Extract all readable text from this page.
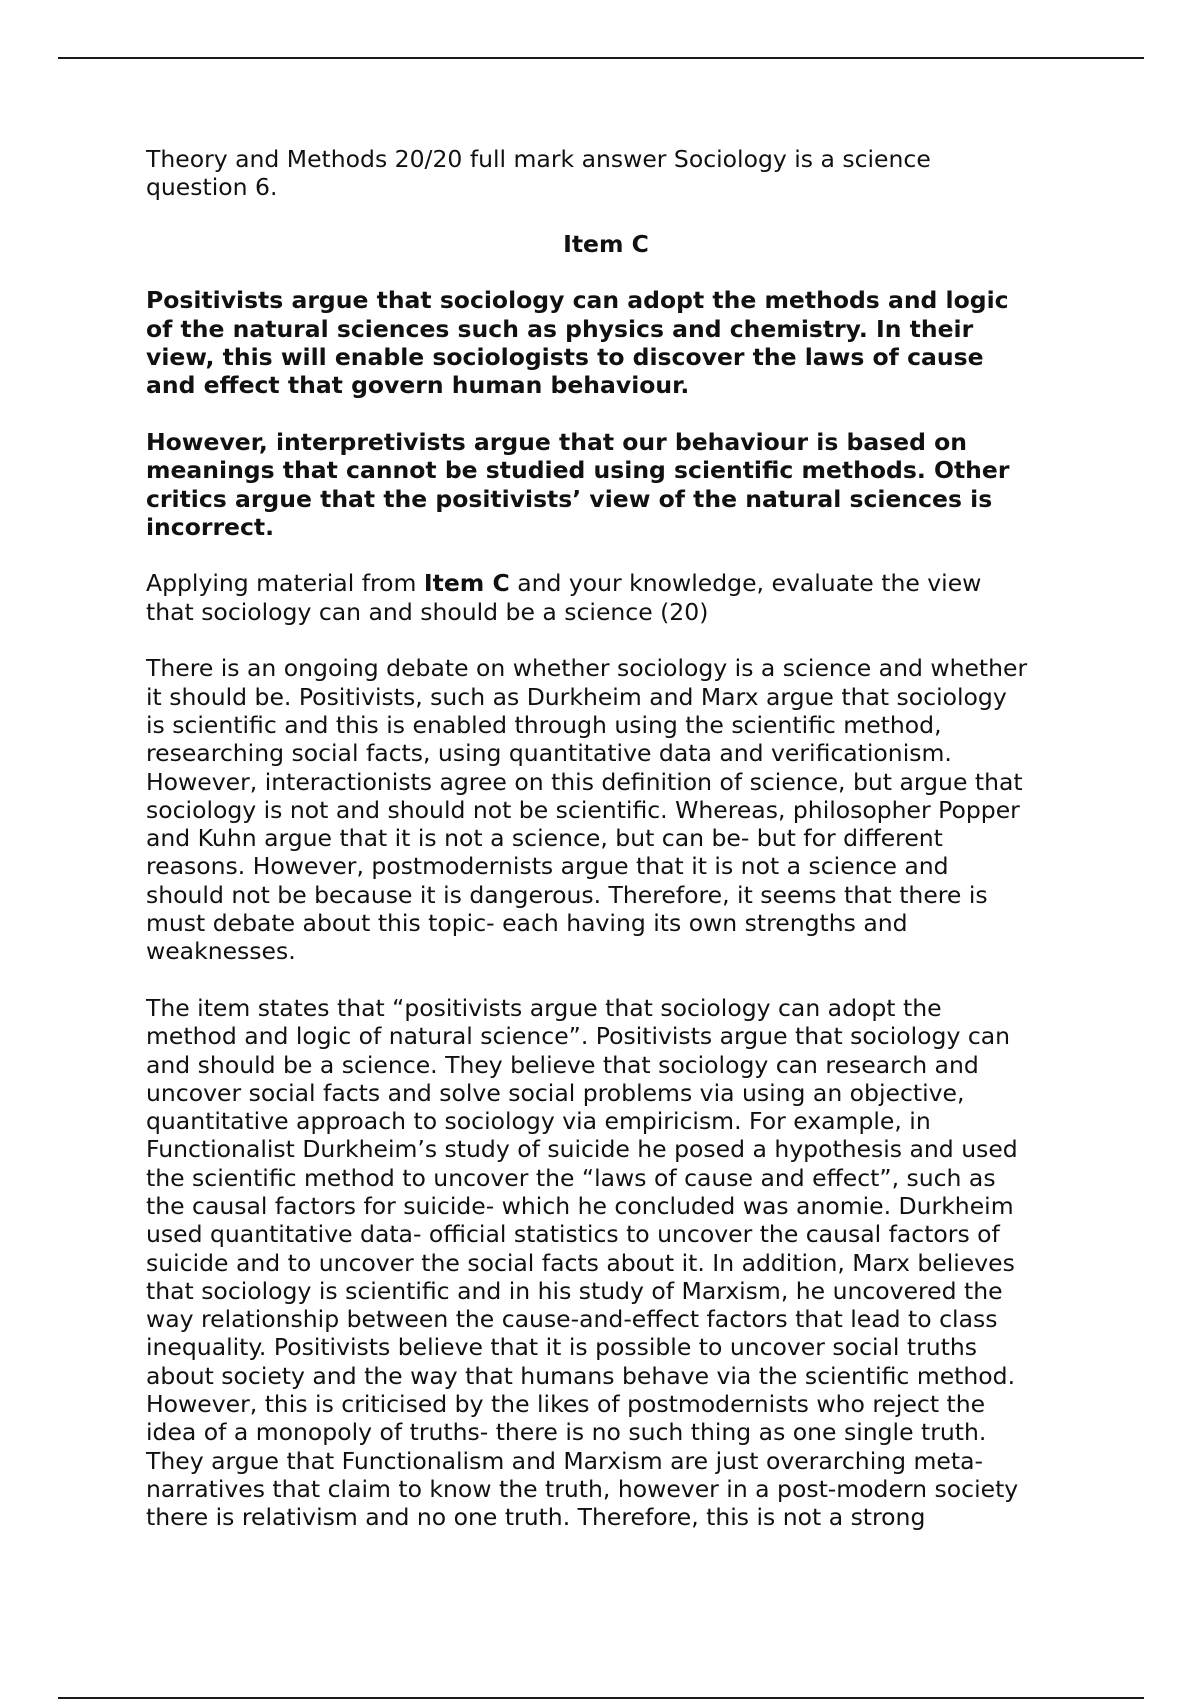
Theory and Methods 20/20 full mark answer Sociology is a science
question 6.

Item C

Positivists argue that sociology can adopt the methods and logic
of the natural sciences such as physics and chemistry. In their
view, this will enable sociologists to discover the laws of cause
and effect that govern human behaviour.

However, interpretivists argue that our behaviour is based on
meanings that cannot be studied using scientific methods. Other
critics argue that the positivists’ view of the natural sciences is
incorrect.

Applying material from Item C and your knowledge, evaluate the view
that sociology can and should be a science (20)

There is an ongoing debate on whether sociology is a science and whether
it should be. Positivists, such as Durkheim and Marx argue that sociology
is scientific and this is enabled through using the scientific method,
researching social facts, using quantitative data and verificationism.
However, interactionists agree on this definition of science, but argue that
sociology is not and should not be scientific. Whereas, philosopher Popper
and Kuhn argue that it is not a science, but can be- but for different
reasons. However, postmodernists argue that it is not a science and
should not be because it is dangerous. Therefore, it seems that there is
must debate about this topic- each having its own strengths and
weaknesses.

The item states that “positivists argue that sociology can adopt the
method and logic of natural science”. Positivists argue that sociology can
and should be a science. They believe that sociology can research and
uncover social facts and solve social problems via using an objective,
quantitative approach to sociology via empiricism. For example, in
Functionalist Durkheim’s study of suicide he posed a hypothesis and used
the scientific method to uncover the “laws of cause and effect”, such as
the causal factors for suicide- which he concluded was anomie. Durkheim
used quantitative data- official statistics to uncover the causal factors of
suicide and to uncover the social facts about it. In addition, Marx believes
that sociology is scientific and in his study of Marxism, he uncovered the
way relationship between the cause-and-effect factors that lead to class
inequality. Positivists believe that it is possible to uncover social truths
about society and the way that humans behave via the scientific method.
However, this is criticised by the likes of postmodernists who reject the
idea of a monopoly of truths- there is no such thing as one single truth.
They argue that Functionalism and Marxism are just overarching meta-
narratives that claim to know the truth, however in a post-modern society
there is relativism and no one truth. Therefore, this is not a strong
